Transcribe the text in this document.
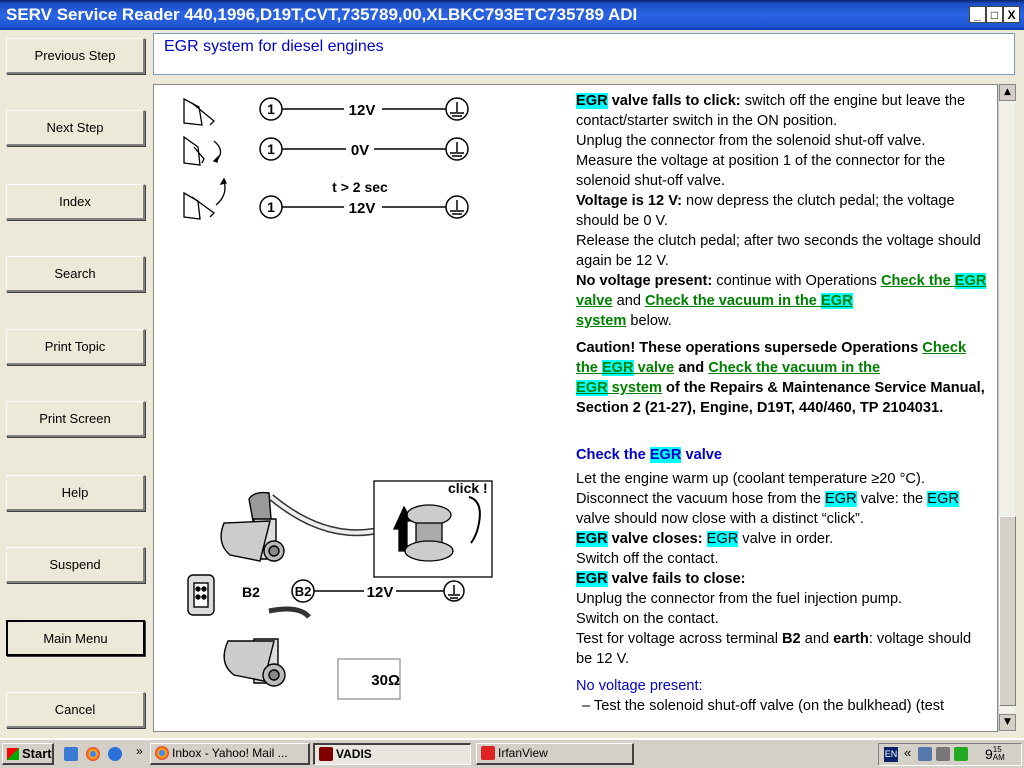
SERV Service Reader 440,1996,D19T,CVT,735789,00,XLBKC793ETC735789 ADI	_ □ X
Previous Step
Next Step
Index
Search
Print Topic
Print Screen
Help
Suspend
Main Menu
Cancel
EGR system for diesel engines
1
1
1
12V
0V
t > 2 sec
12V
click !
B2	B2	12V
30Ω
EGR valve falls to click: switch off the engine but leave the contact/starter switch in the ON position.
Unplug the connector from the solenoid shut-off valve.
Measure the voltage at position 1 of the connector for the solenoid shut-off valve.
Voltage is 12 V: now depress the clutch pedal; the voltage should be 0 V.
Release the clutch pedal; after two seconds the voltage should again be 12 V.
No voltage present: continue with Operations Check the EGR valve and Check the vacuum in the EGR
system below.
Caution! These operations supersede Operations Check the EGR valve and Check the vacuum in the
EGR system of the Repairs & Maintenance Service Manual, Section 2 (21-27), Engine, D19T, 440/460, TP 2104031.
Check the EGR valve
Let the engine warm up (coolant temperature ≥20 °C).
Disconnect the vacuum hose from the EGR valve: the EGR valve should now close with a distinct “click”.
EGR valve closes: EGR valve in order.
Switch off the contact.
EGR valve fails to close:
Unplug the connector from the fuel injection pump.
Switch on the contact.
Test for voltage across terminal B2 and earth: voltage should be 12 V.
No voltage present:
– Test the solenoid shut-off valve (on the bulkhead) (test
▲
▼
Start	»	Inbox - Yahoo! Mail ...	VADIS	IrfanView	EN «	915
AM
